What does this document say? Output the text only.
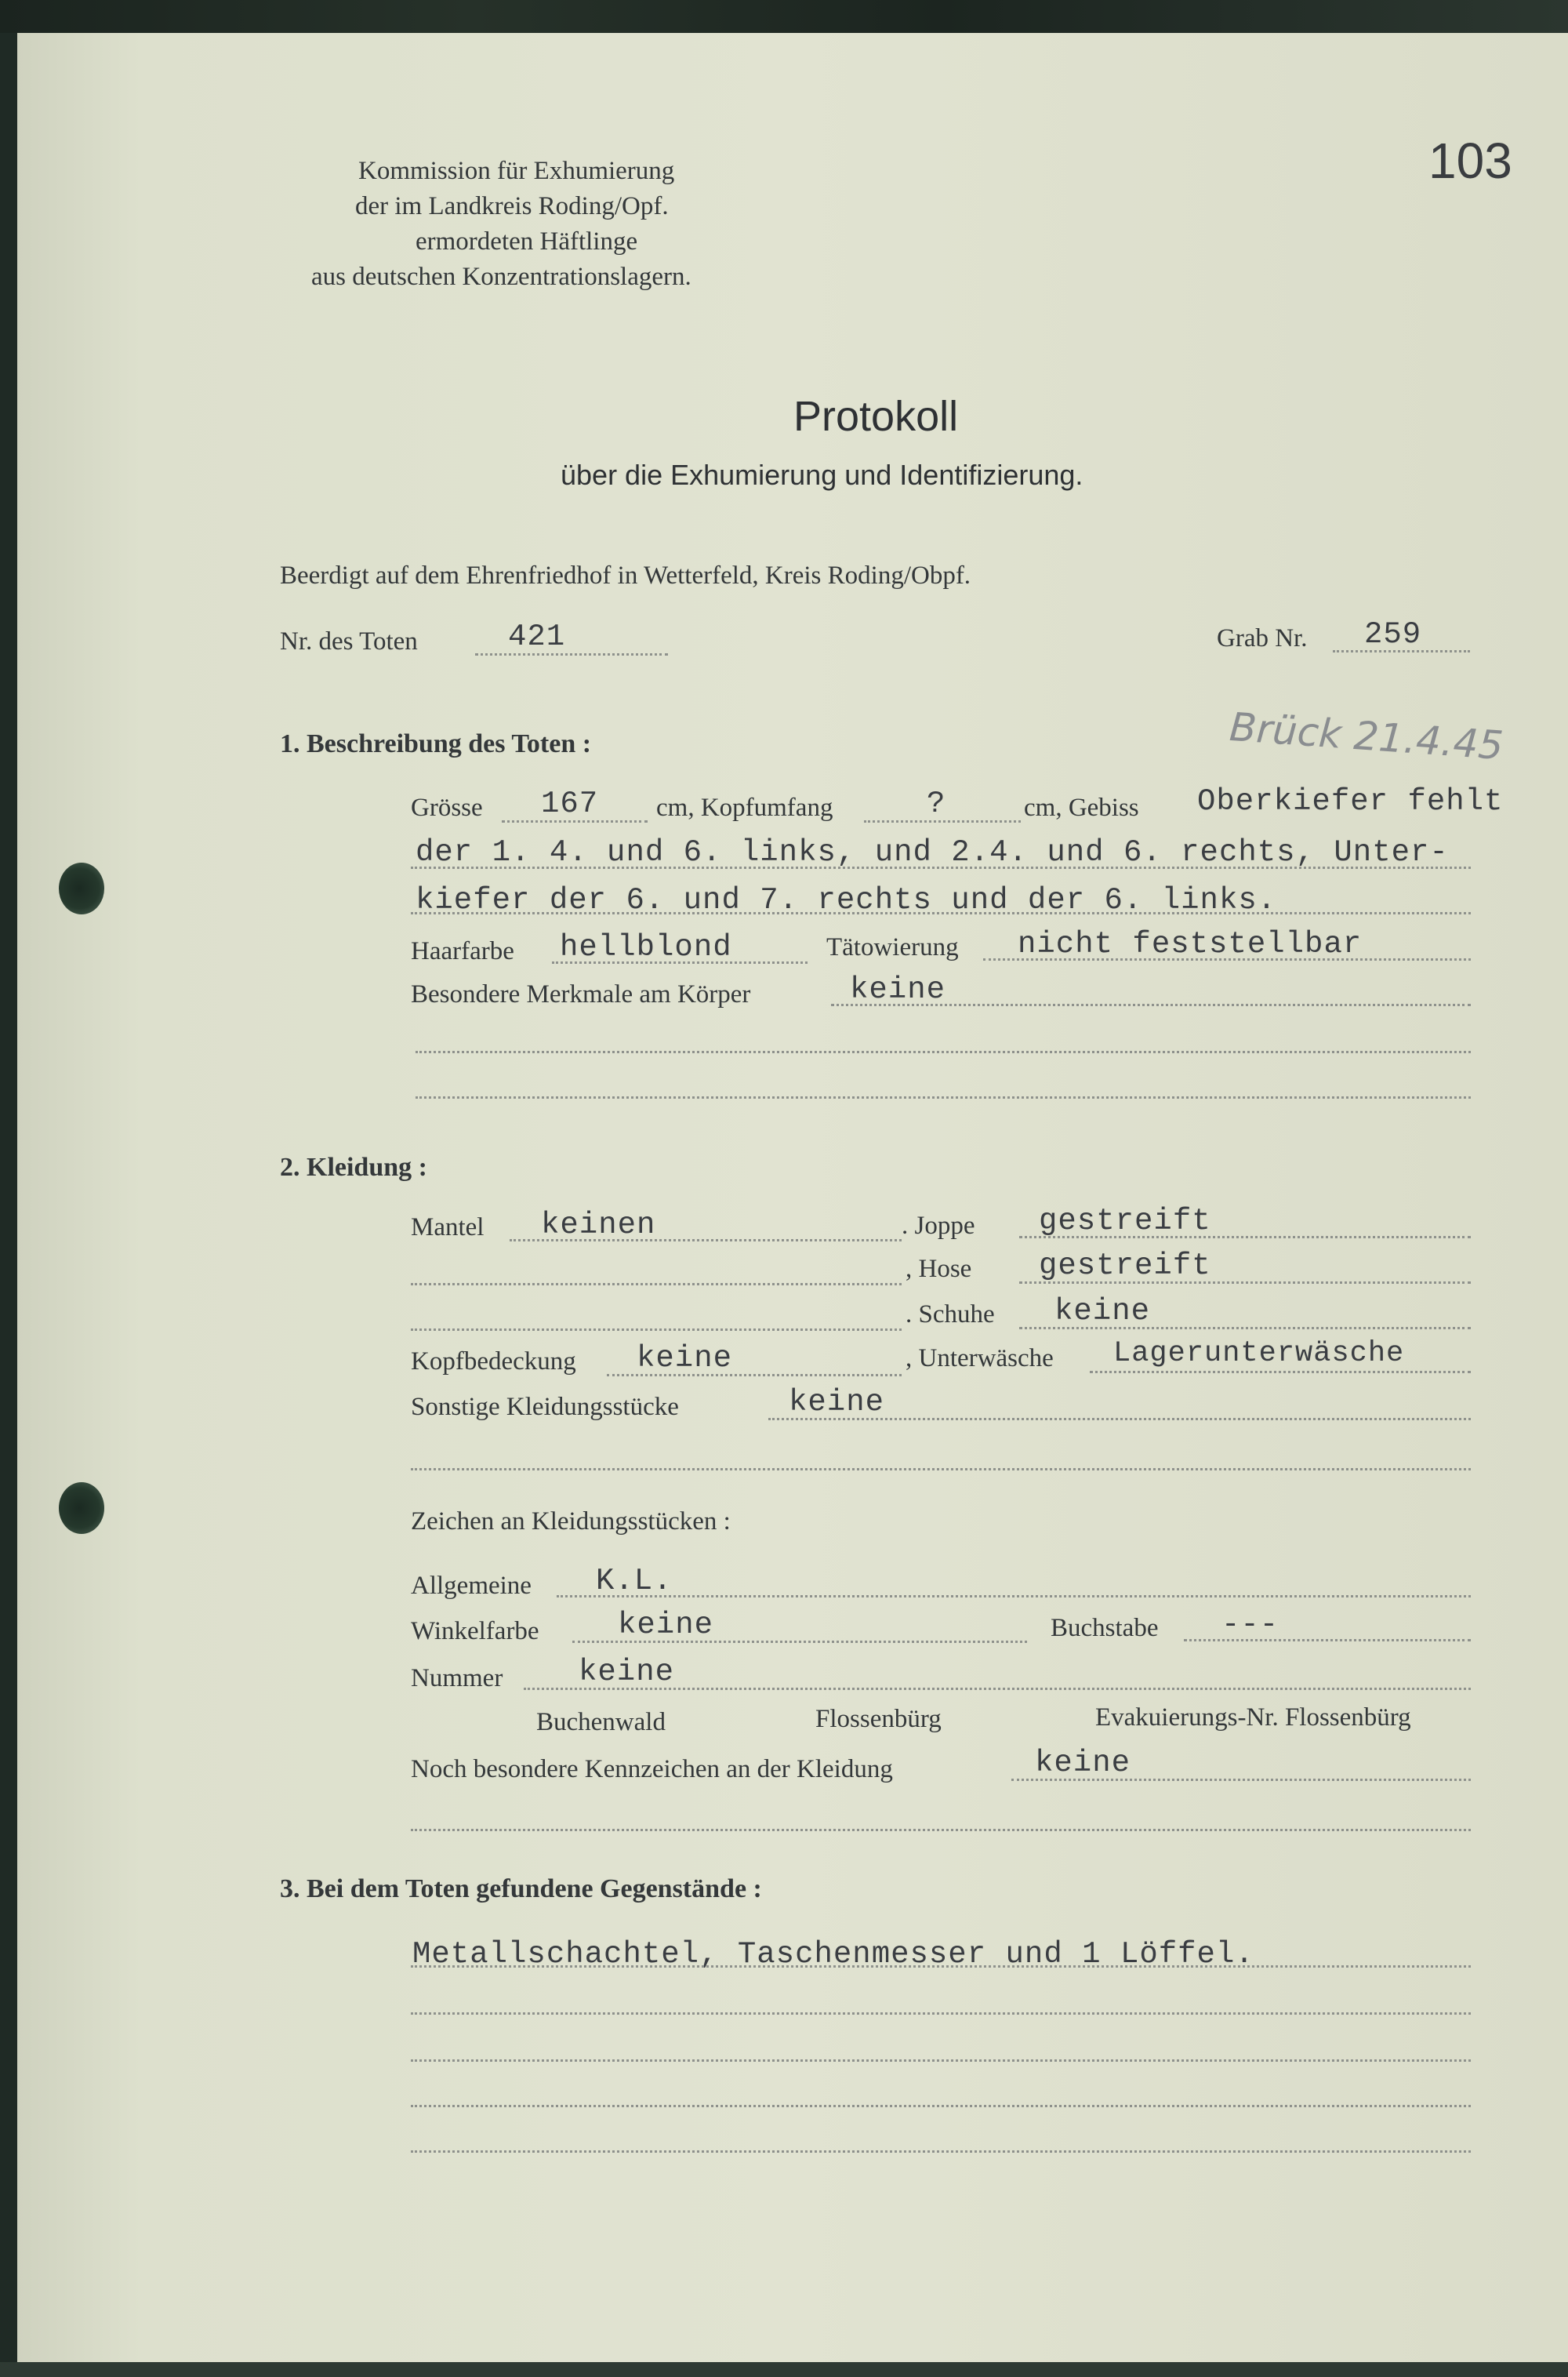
Kommission für Exhumierung
der im Landkreis Roding/Opf.
ermordeten Häftlinge
aus deutschen Konzentrationslagern.
103
Protokoll
über die Exhumierung und Identifizierung.
Beerdigt auf dem Ehrenfriedhof in Wetterfeld, Kreis Roding/Obpf.
Nr. des Toten	421	Grab Nr. 259
Brück 21.4.45
1. Beschreibung des Toten :
Grösse 167 cm, Kopfumfang	?	cm, Gebiss Oberkiefer fehlt
der 1. 4. und 6. links, und 2.4. und 6. rechts, Unter-
kiefer der 6. und 7. rechts und der 6. links.
Haarfarbe hellblond	Tätowierung nicht feststellbar
Besondere Merkmale am Körper	keine
2. Kleidung :
Mantel keinen	. Joppe gestreift
, Hose gestreift
. Schuhe keine
Kopfbedeckung keine	, Unterwäsche Lagerunterwäsche
Sonstige Kleidungsstücke	keine
Zeichen an Kleidungsstücken :
Allgemeine K.L.
Winkelfarbe	keine	Buchstabe ---
Nummer keine
Buchenwald	Flossenbürg	Evakuierungs-Nr. Flossenbürg
Noch besondere Kennzeichen an der Kleidung	keine
3. Bei dem Toten gefundene Gegenstände :
Metallschachtel, Taschenmesser und 1 Löffel.
